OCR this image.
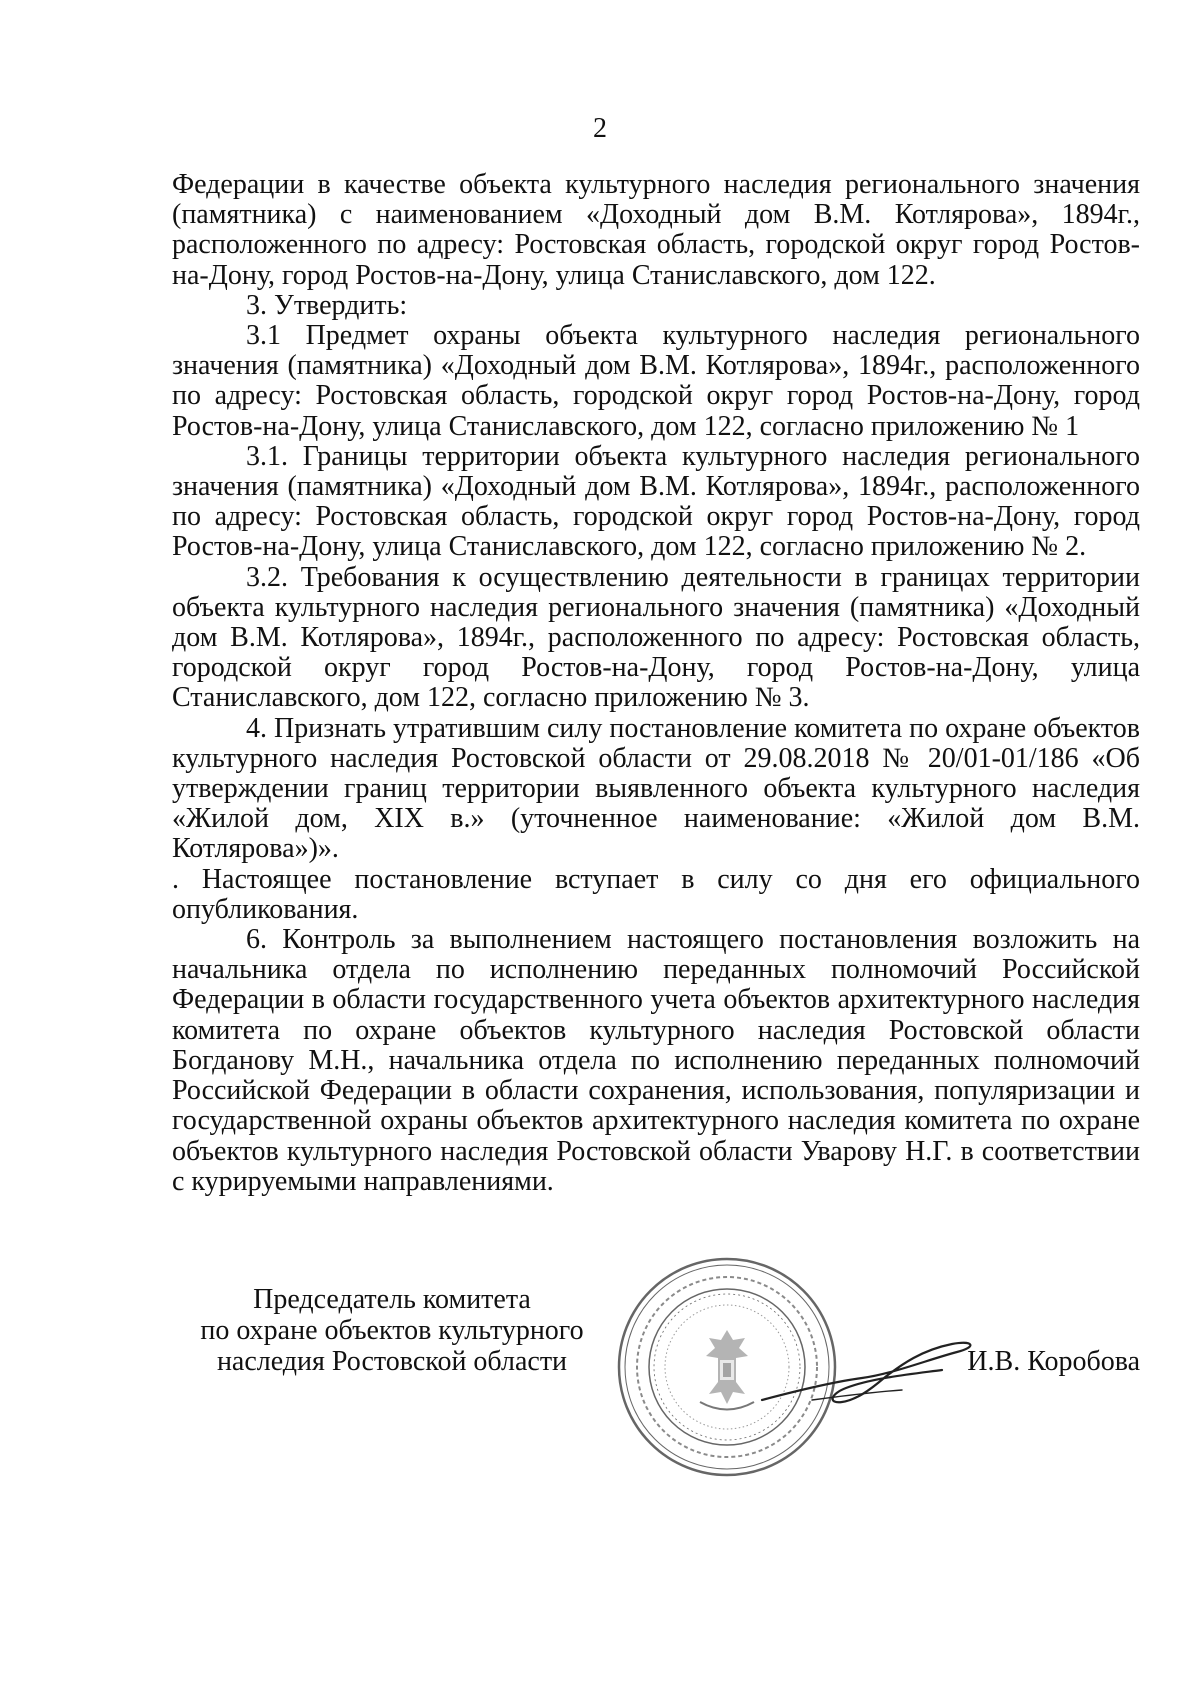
2

Федерации в качестве объекта культурного наследия регионального значения (памятника) с наименованием «Доходный дом В.М. Котлярова», 1894г., расположенного по адресу: Ростовская область, городской округ город Ростов-на-Дону, город Ростов-на-Дону, улица Станиславского, дом 122.

3. Утвердить:

3.1 Предмет охраны объекта культурного наследия регионального значения (памятника) «Доходный дом В.М. Котлярова», 1894г., расположенного по адресу: Ростовская область, городской округ город Ростов-на-Дону, город Ростов-на-Дону, улица Станиславского, дом 122, согласно приложению № 1

3.1. Границы территории объекта культурного наследия регионального значения (памятника) «Доходный дом В.М. Котлярова», 1894г., расположенного по адресу: Ростовская область, городской округ город Ростов-на-Дону, город Ростов-на-Дону, улица Станиславского, дом 122, согласно приложению № 2.

3.2. Требования к осуществлению деятельности в границах территории объекта культурного наследия регионального значения (памятника) «Доходный дом В.М. Котлярова», 1894г., расположенного по адресу: Ростовская область, городской округ город Ростов-на-Дону, город Ростов-на-Дону, улица Станиславского, дом 122, согласно приложению № 3.

4. Признать утратившим силу постановление комитета по охране объектов культурного наследия Ростовской области от 29.08.2018 № 20/01-01/186 «Об утверждении границ территории выявленного объекта культурного наследия «Жилой дом, XIX в.» (уточненное наименование: «Жилой дом В.М. Котлярова»)».

. Настоящее постановление вступает в силу со дня его официального опубликования.

6. Контроль за выполнением настоящего постановления возложить на начальника отдела по исполнению переданных полномочий Российской Федерации в области государственного учета объектов архитектурного наследия комитета по охране объектов культурного наследия Ростовской области Богданову М.Н., начальника отдела по исполнению переданных полномочий Российской Федерации в области сохранения, использования, популяризации и государственной охраны объектов архитектурного наследия комитета по охране объектов культурного наследия Ростовской области Уварову Н.Г. в соответствии с курируемыми направлениями.

Председатель комитета
по охране объектов культурного
наследия Ростовской области	И.В. Коробова
